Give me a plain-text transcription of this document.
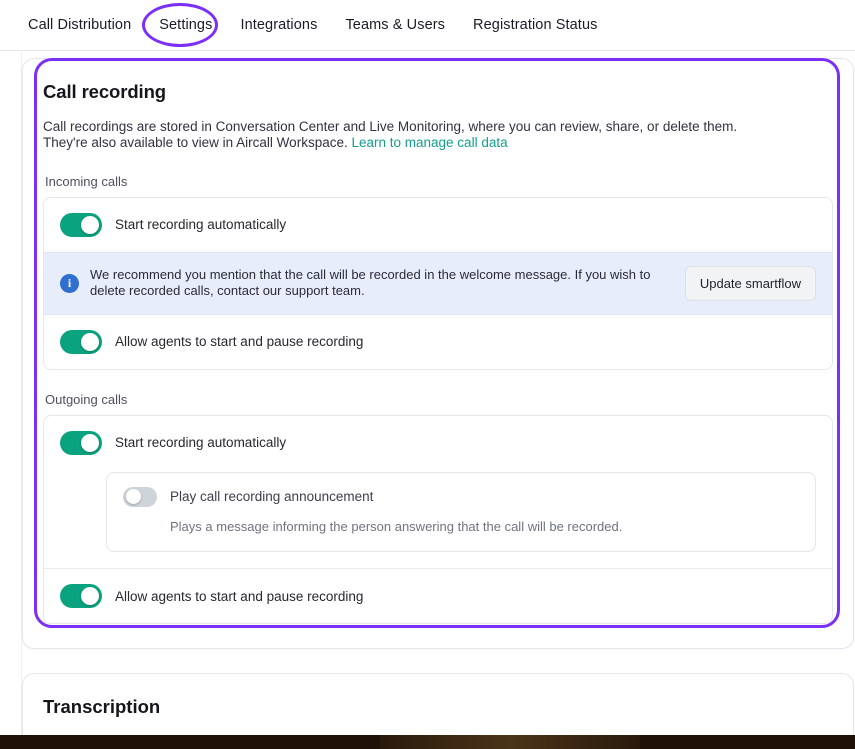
Call Distribution	Settings	Integrations	Teams & Users	Registration Status
Call recording

Call recordings are stored in Conversation Center and Live Monitoring, where you can review, share, or delete them. They're also available to view in Aircall Workspace. Learn to manage call data

Incoming calls
Start recording automatically
i
We recommend you mention that the call will be recorded in the welcome message. If you wish to delete recorded calls, contact our support team.	Update smartflow
Allow agents to start and pause recording
Outgoing calls
Start recording automatically
Play call recording announcement
Plays a message informing the person answering that the call will be recorded.
Allow agents to start and pause recording
Transcription
